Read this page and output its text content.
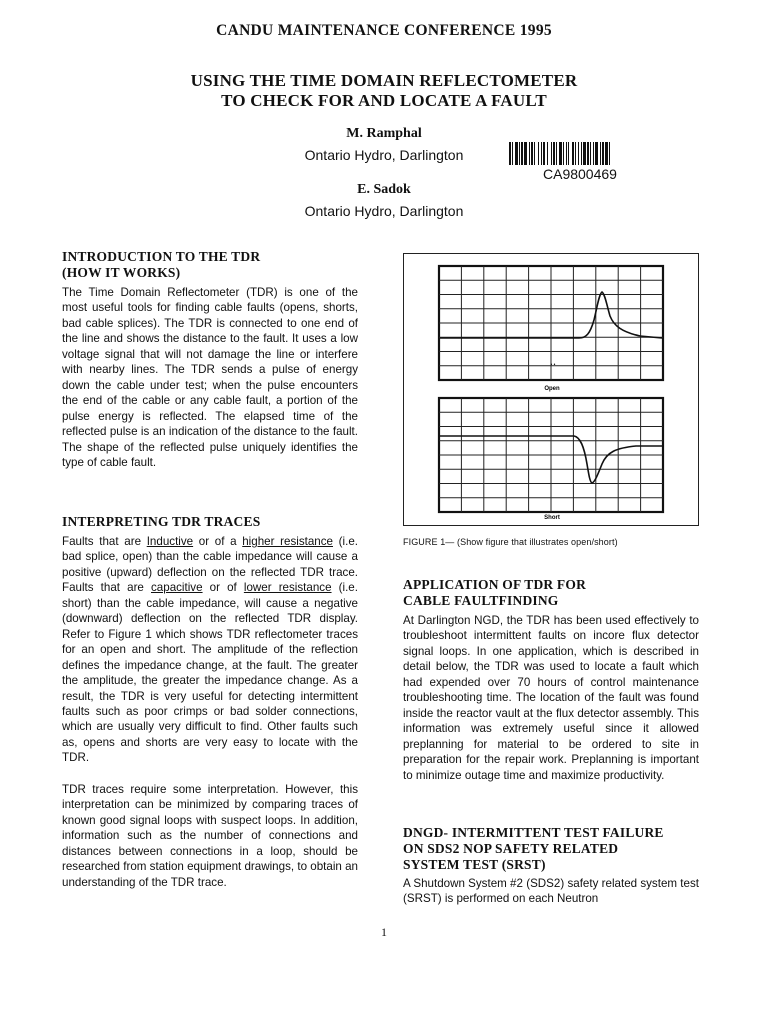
CANDU MAINTENANCE CONFERENCE 1995
USING THE TIME DOMAIN REFLECTOMETER
TO CHECK FOR AND LOCATE A FAULT
M. Ramphal
Ontario Hydro, Darlington
E. Sadok
Ontario Hydro, Darlington
CA9800469
INTRODUCTION TO THE TDR
(HOW IT WORKS)
The Time Domain Reflectometer (TDR) is one of the most useful tools for finding cable faults (opens, shorts, bad cable splices). The TDR is connected to one end of the line and shows the distance to the fault. It uses a low voltage signal that will not damage the line or interfere with nearby lines. The TDR sends a pulse of energy down the cable under test; when the pulse encounters the end of the cable or any cable fault, a portion of the pulse energy is reflected. The elapsed time of the reflected pulse is an indication of the distance to the fault. The shape of the reflected pulse uniquely identifies the type of cable fault.
INTERPRETING TDR TRACES
Faults that are Inductive or of a higher resistance (i.e. bad splice, open) than the cable impedance will cause a positive (upward) deflection on the reflected TDR trace. Faults that are capacitive or of lower resistance (i.e. short) than the cable impedance, will cause a negative (downward) deflection on the reflected TDR display. Refer to Figure 1 which shows TDR reflectometer traces for an open and short. The amplitude of the reflection defines the impedance change, at the fault. The greater the amplitude, the greater the impedance change. As a result, the TDR is very useful for detecting intermittent faults such as poor crimps or bad solder connections, which are usually very difficult to find. Other faults such as, opens and shorts are very easy to locate with the TDR.
TDR traces require some interpretation. However, this interpretation can be minimized by comparing traces of known good signal loops with suspect loops. In addition, information such as the number of connections and distances between connections in a loop, should be researched from station equipment drawings, to obtain an understanding of the TDR trace.
• •
Open
Short
FIGURE 1— (Show figure that illustrates open/short)
APPLICATION OF TDR FOR
CABLE FAULTFINDING
At Darlington NGD, the TDR has been used effectively to troubleshoot intermittent faults on incore flux detector signal loops. In one application, which is described in detail below, the TDR was used to locate a fault which had expended over 70 hours of control maintenance troubleshooting time. The location of the fault was found inside the reactor vault at the flux detector assembly. This information was extremely useful since it allowed preplanning for material to be ordered to site in preparation for the repair work. Preplanning is important to minimize outage time and maximize productivity.
DNGD- INTERMITTENT TEST FAILURE
ON SDS2 NOP SAFETY RELATED
SYSTEM TEST (SRST)
A Shutdown System #2 (SDS2) safety related system test (SRST) is performed on each Neutron
1
